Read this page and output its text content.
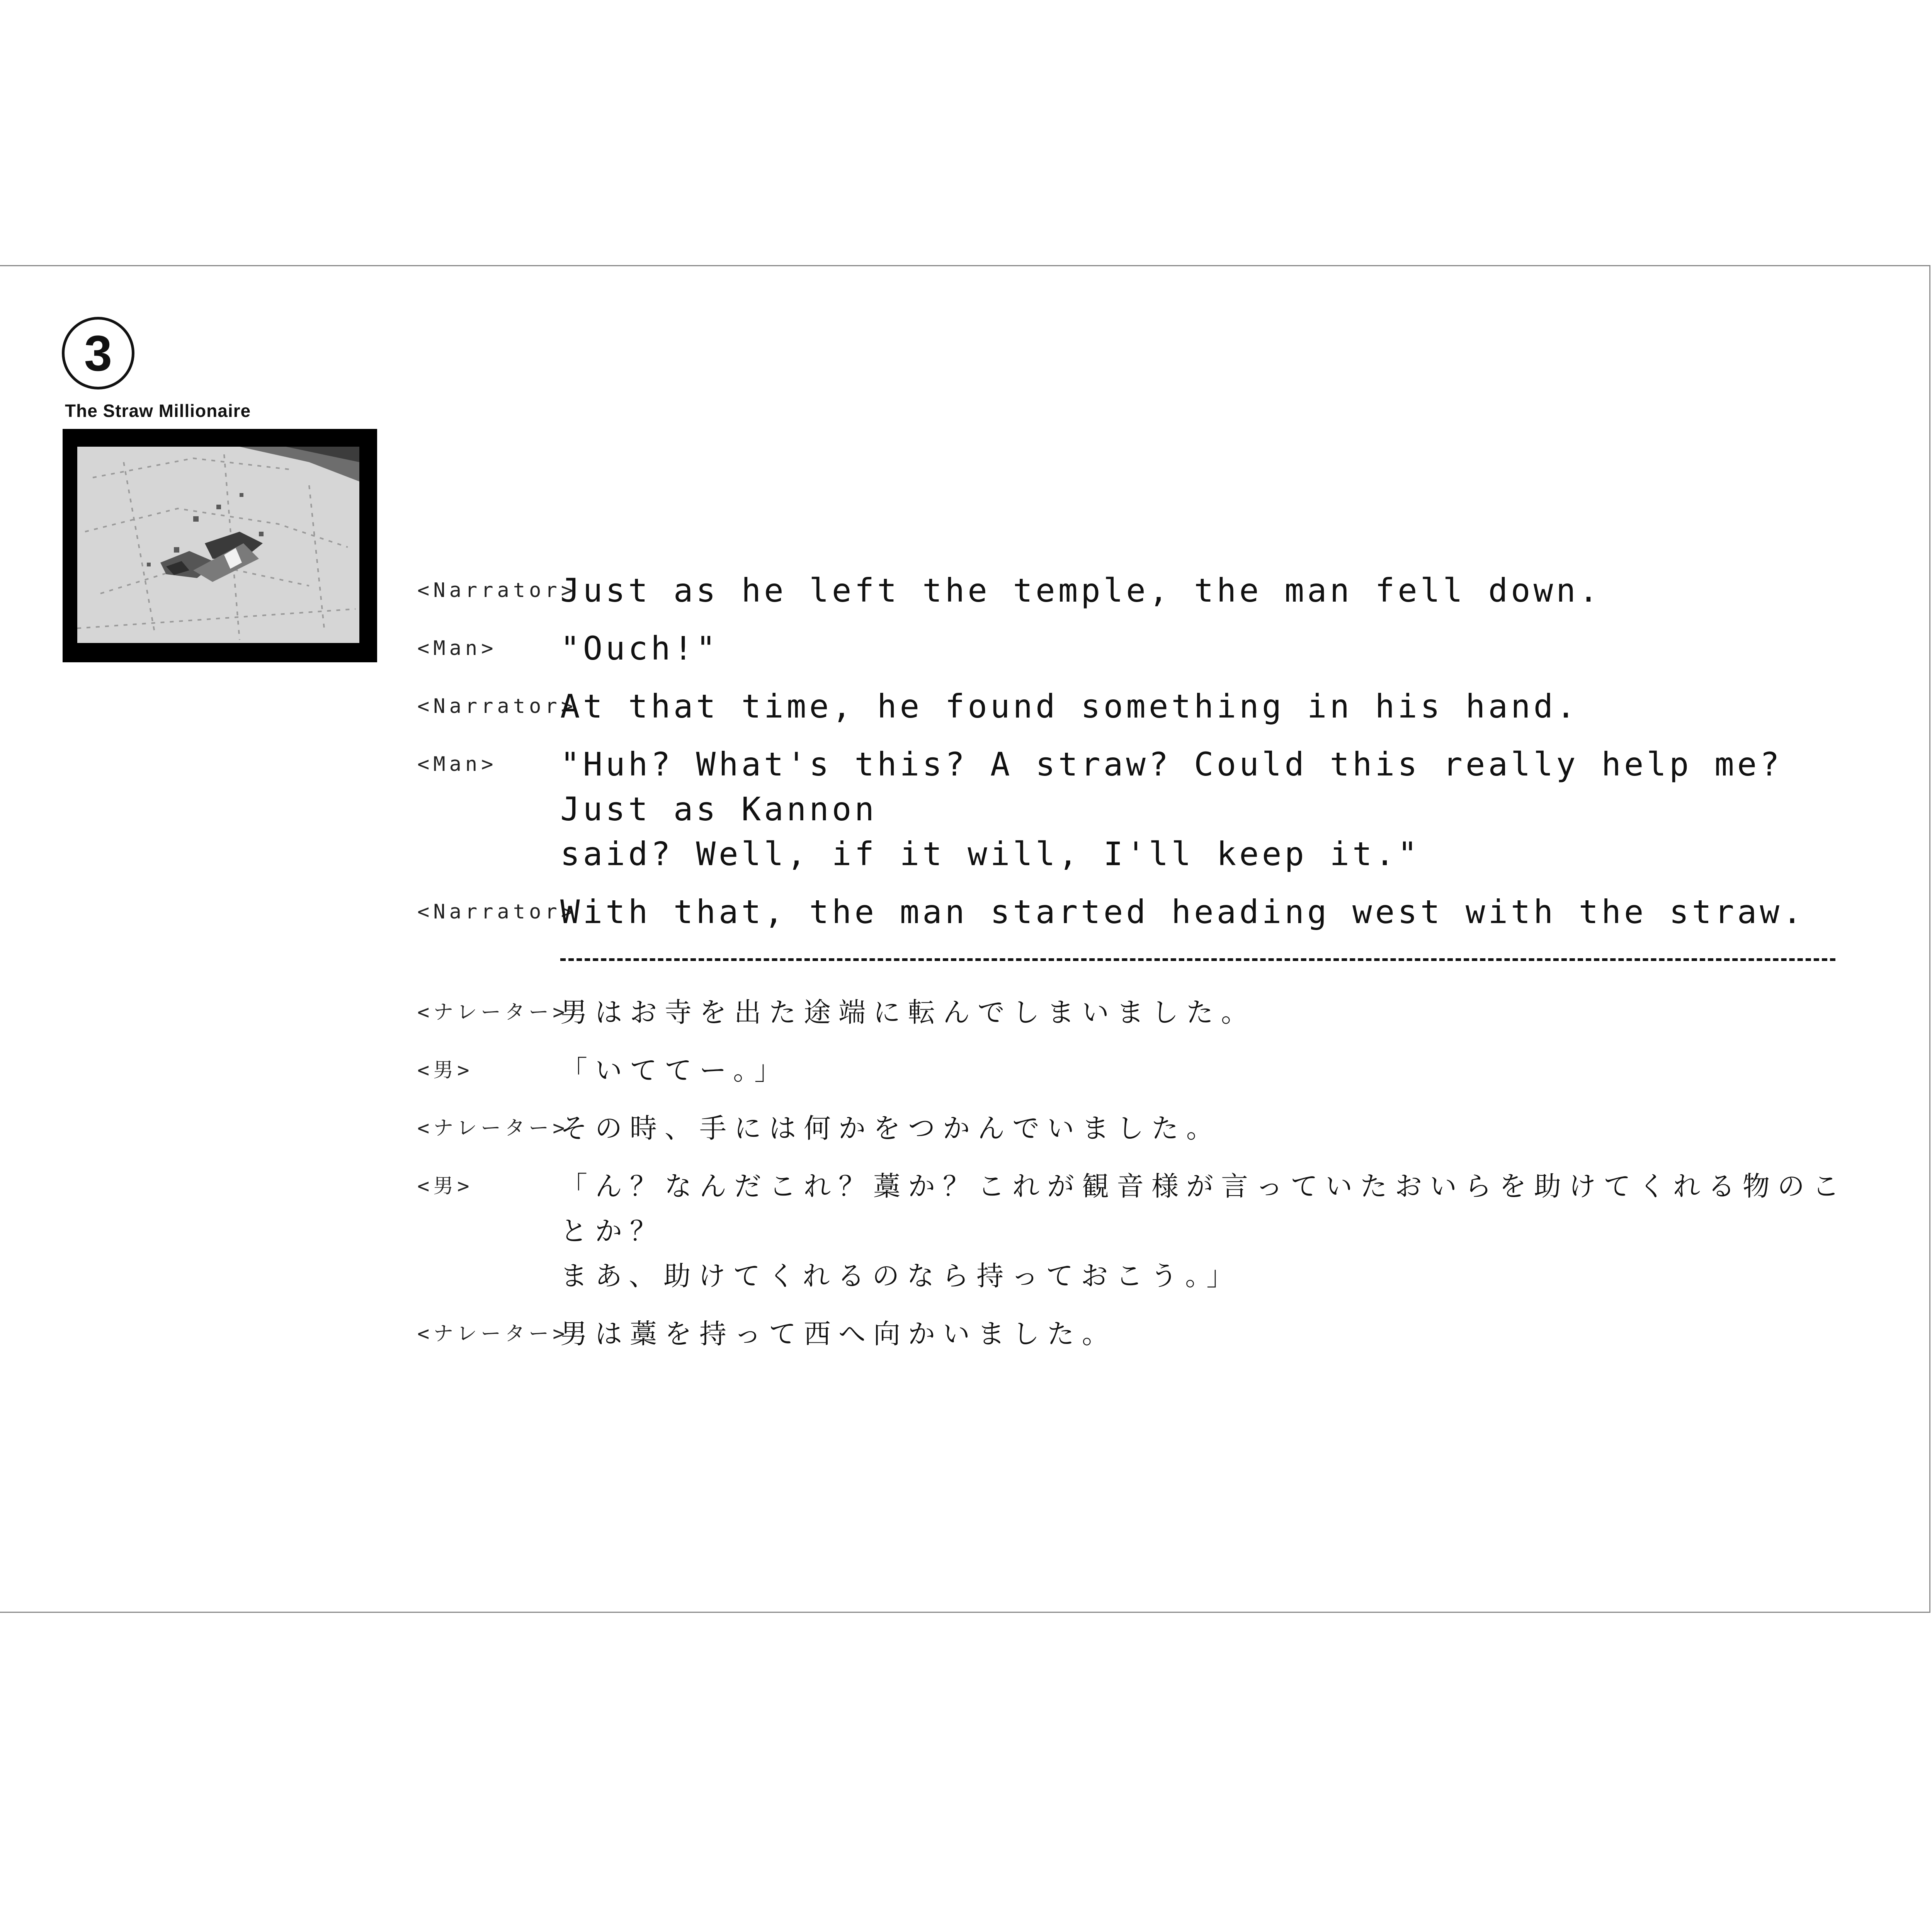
3
The Straw Millionaire
<Narrator>
Just as he left the temple, the man fell down.
<Man>	"Ouch!"
<Narrator>
At that time, he found something in his hand.
<Man>	"Huh? What's this? A straw? Could this really help me? Just as Kannon
said? Well, if it will, I'll keep it."
<Narrator>
With that, the man started heading west with the straw.
<ナレーター>
男はお寺を出た途端に転んでしまいました。
<男>	「いててー。」
<ナレーター>
その時、手には何かをつかんでいました。
<男>	「ん？なんだこれ？藁か？これが観音様が言っていたおいらを助けてくれる物のことか？
まあ、助けてくれるのなら持っておこう。」
<ナレーター>
男は藁を持って西へ向かいました。
